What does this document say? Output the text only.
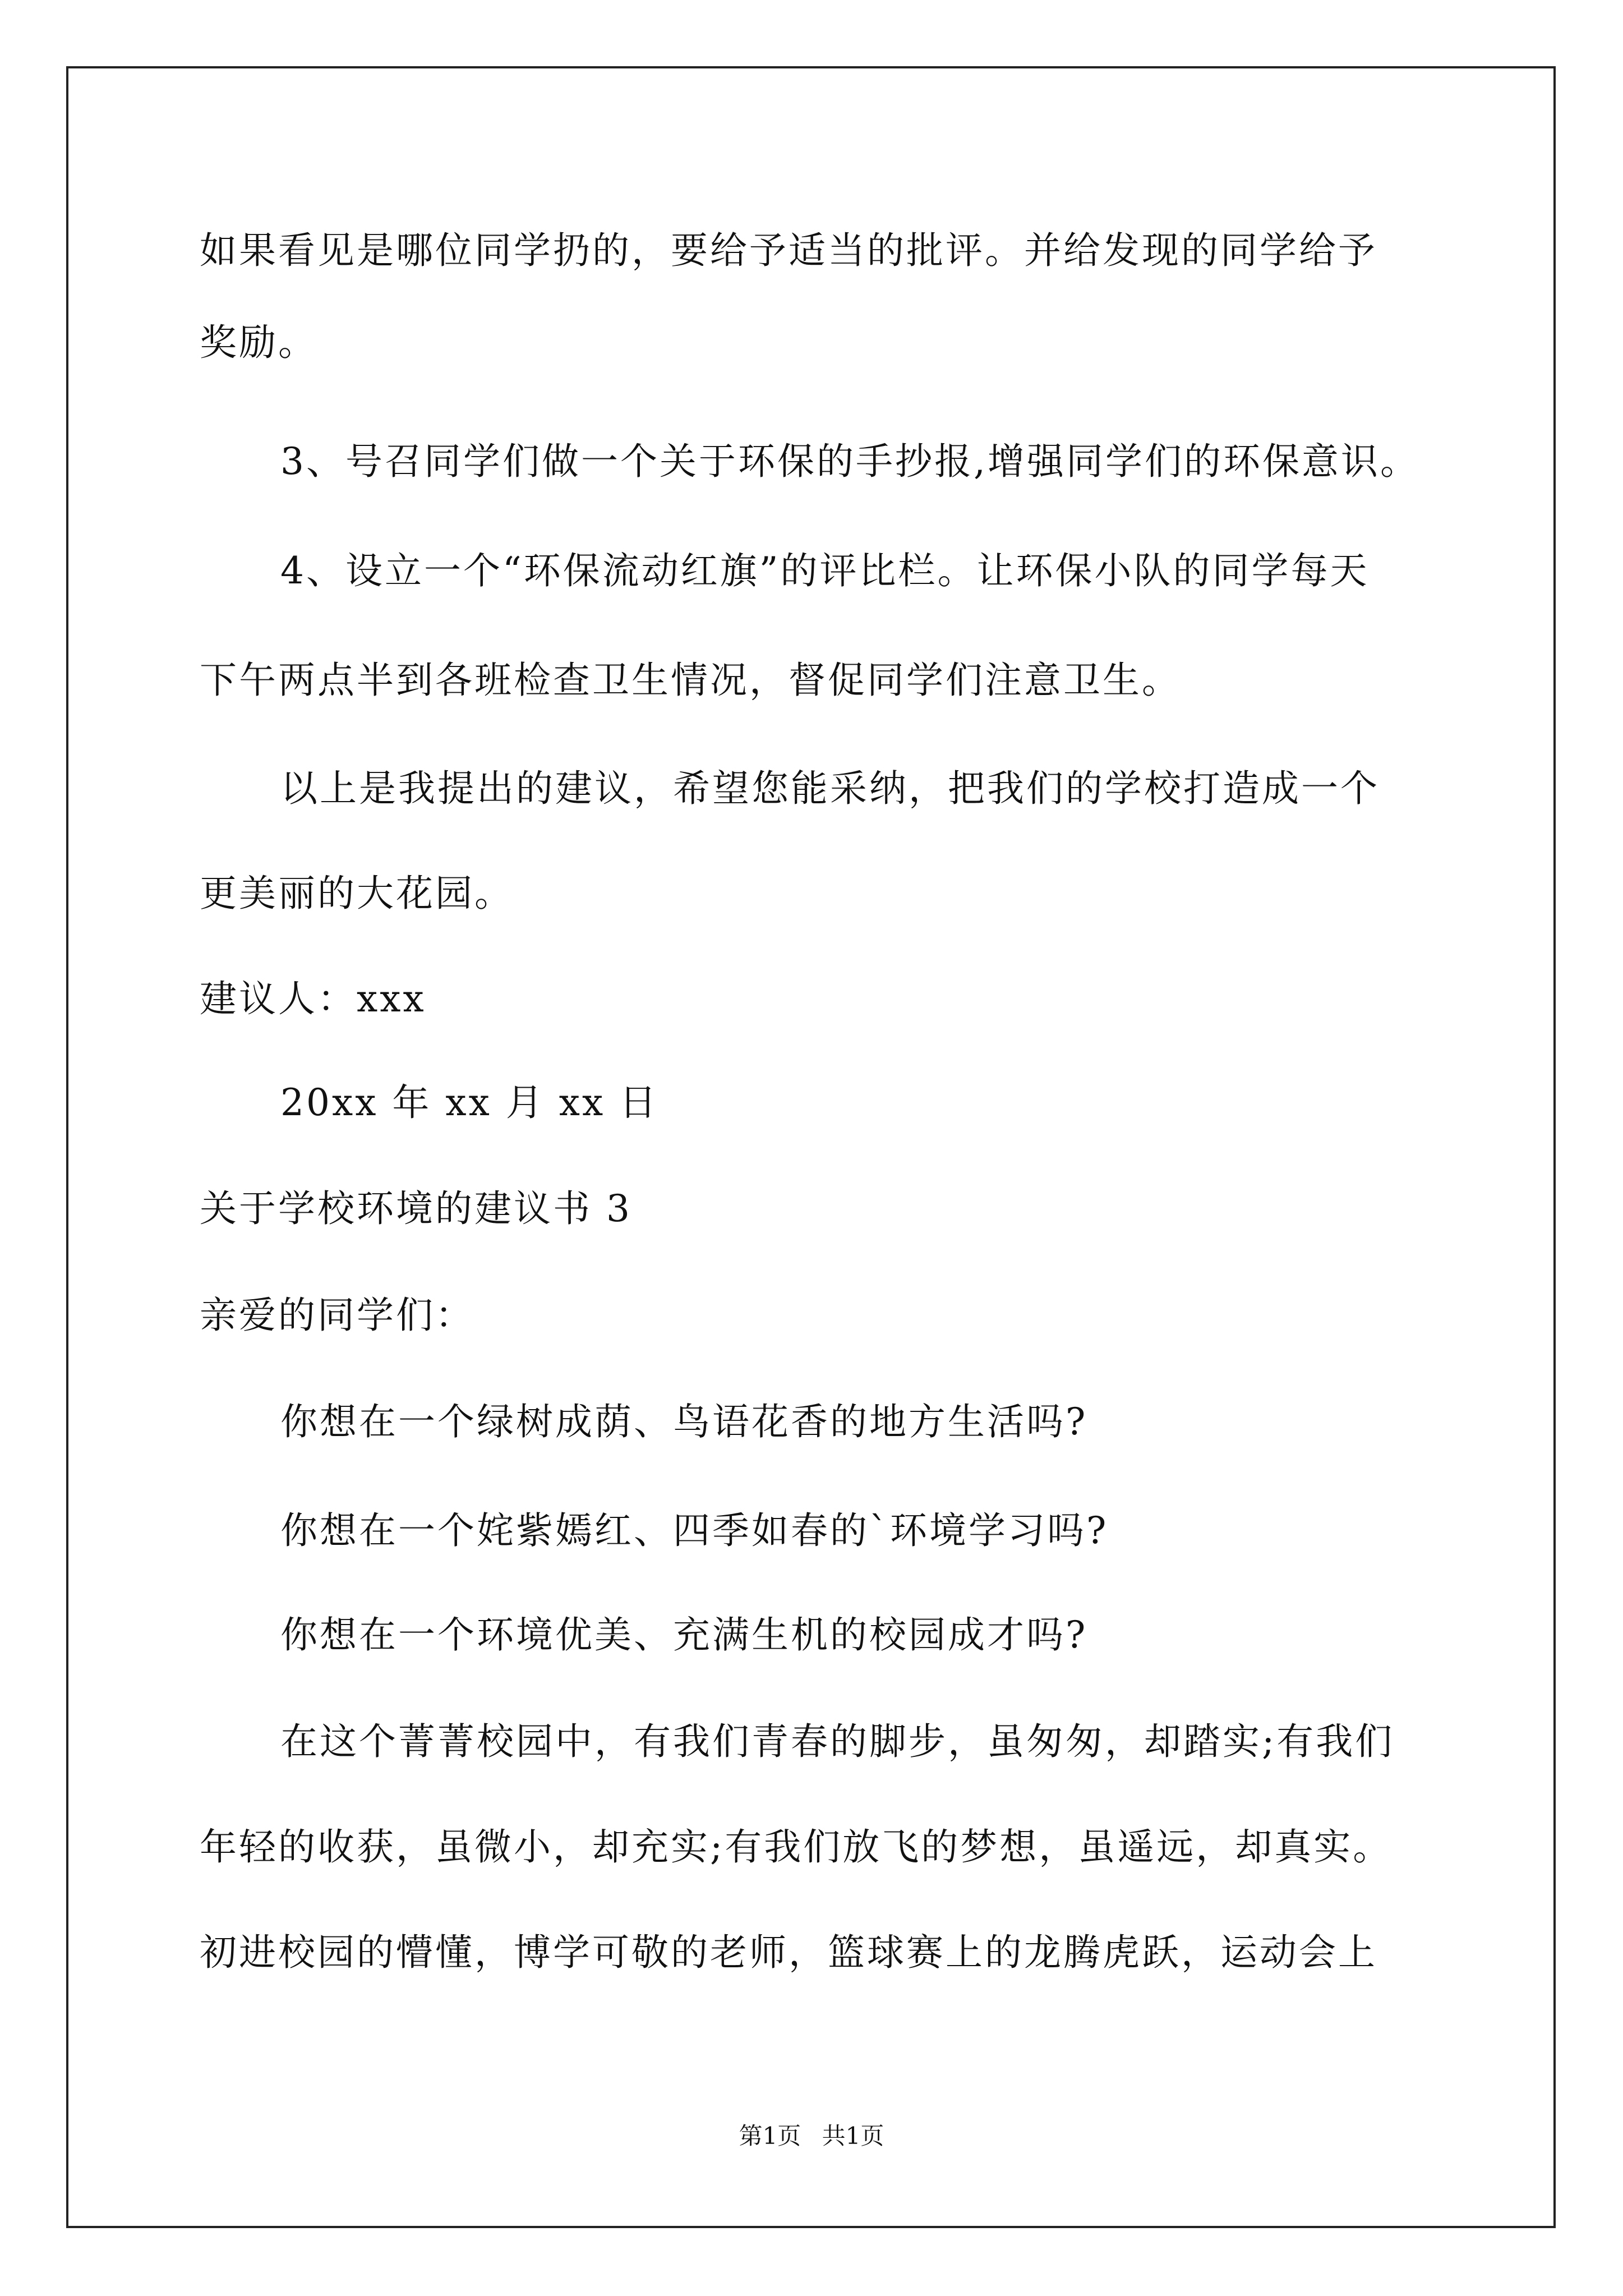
如果看见是哪位同学扔的，要给予适当的批评。并给发现的同学给予
奖励。
3、号召同学们做一个关于环保的手抄报,增强同学们的环保意识。
4、设立一个“环保流动红旗”的评比栏。让环保小队的同学每天
下午两点半到各班检查卫生情况，督促同学们注意卫生。
以上是我提出的建议，希望您能采纳，把我们的学校打造成一个
更美丽的大花园。
建议人：xxx
20xx 年 xx 月 xx 日
关于学校环境的建议书 3
亲爱的同学们：
你想在一个绿树成荫、鸟语花香的地方生活吗?
你想在一个姹紫嫣红、四季如春的`环境学习吗?
你想在一个环境优美、充满生机的校园成才吗?
在这个菁菁校园中，有我们青春的脚步，虽匆匆，却踏实;有我们
年轻的收获，虽微小，却充实;有我们放飞的梦想，虽遥远，却真实。
初进校园的懵懂，博学可敬的老师，篮球赛上的龙腾虎跃，运动会上
第1页 共1页
